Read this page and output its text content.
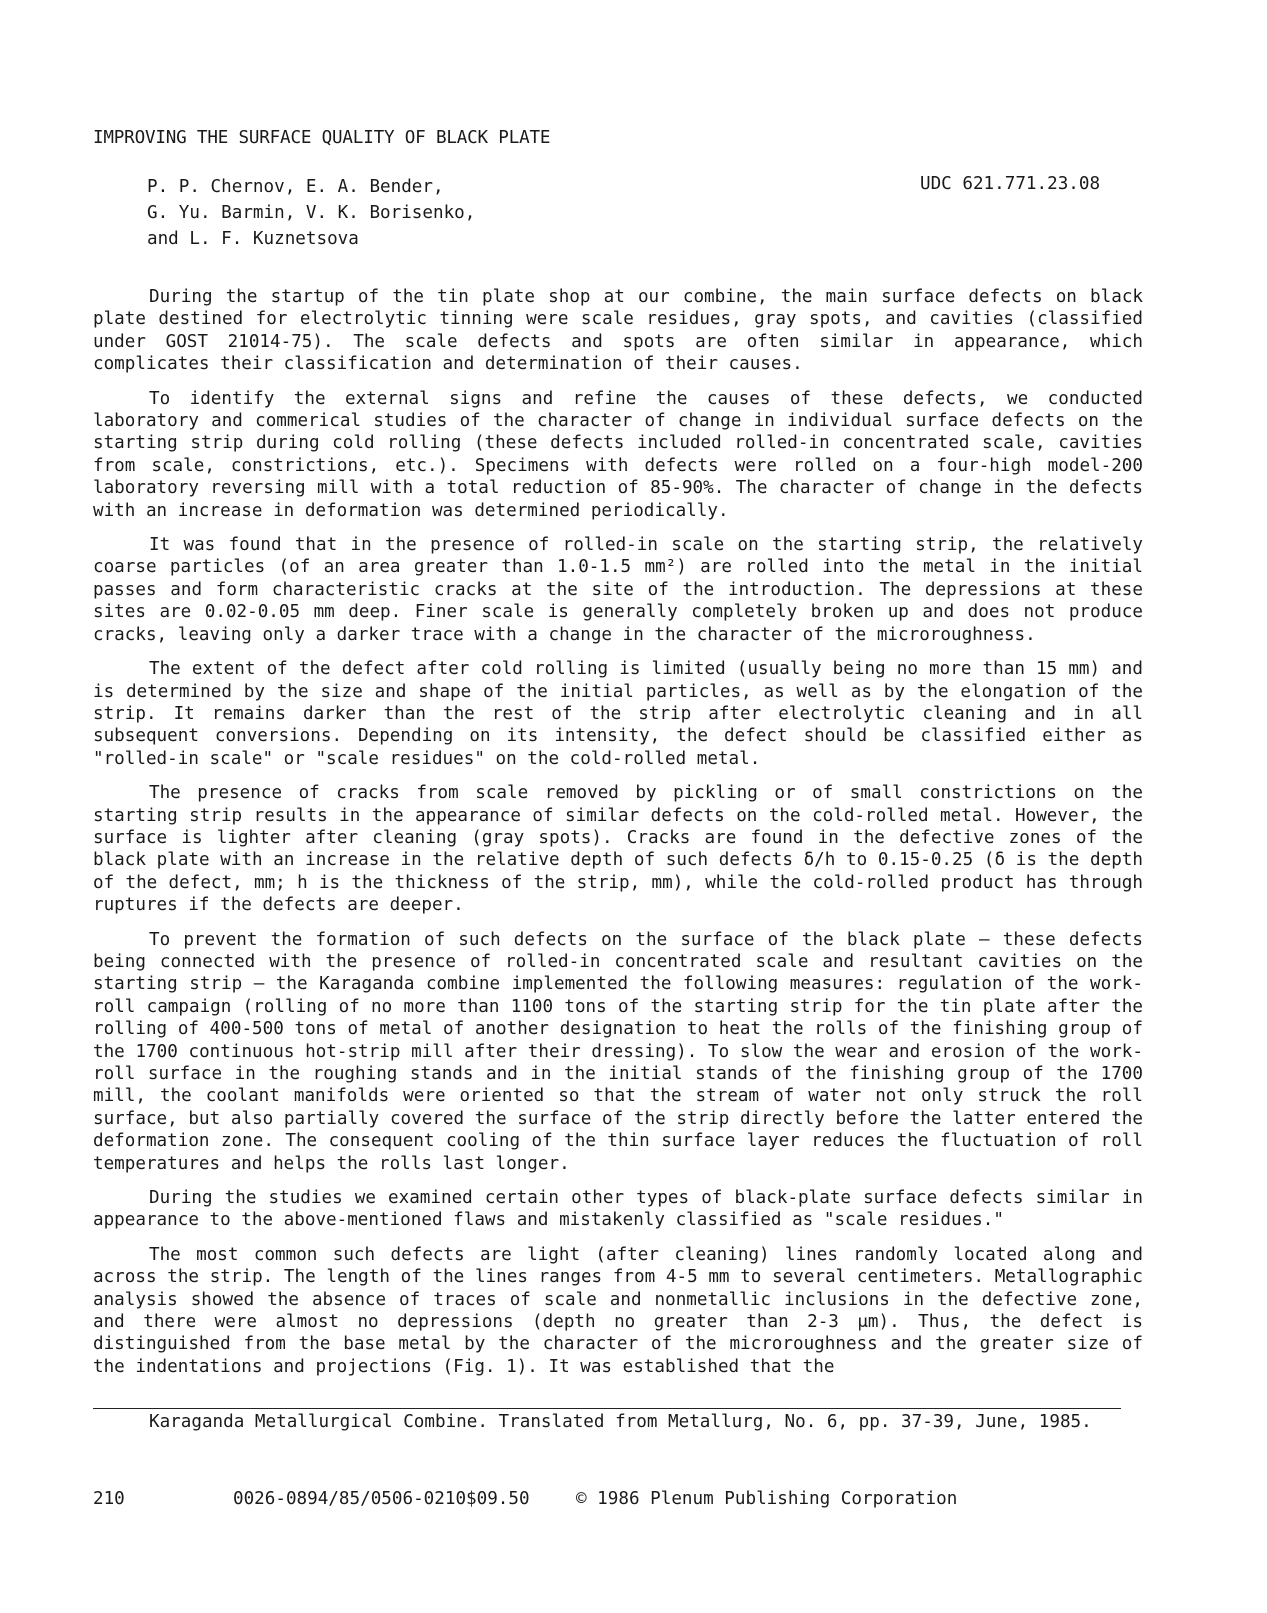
IMPROVING THE SURFACE QUALITY OF BLACK PLATE
P. P. Chernov, E. A. Bender,
G. Yu. Barmin, V. K. Borisenko,
and L. F. Kuznetsova
UDC 621.771.23.08

During the startup of the tin plate shop at our combine, the main surface defects on black plate destined for electrolytic tinning were scale residues, gray spots, and cavities (classified under GOST 21014-75). The scale defects and spots are often similar in appearance, which complicates their classification and determination of their causes.

To identify the external signs and refine the causes of these defects, we conducted laboratory and commerical studies of the character of change in individual surface defects on the starting strip during cold rolling (these defects included rolled-in concentrated scale, cavities from scale, constrictions, etc.). Specimens with defects were rolled on a four-high model-200 laboratory reversing mill with a total reduction of 85-90%. The character of change in the defects with an increase in deformation was determined periodically.

It was found that in the presence of rolled-in scale on the starting strip, the relatively coarse particles (of an area greater than 1.0-1.5 mm²) are rolled into the metal in the initial passes and form characteristic cracks at the site of the introduction. The depressions at these sites are 0.02-0.05 mm deep. Finer scale is generally completely broken up and does not produce cracks, leaving only a darker trace with a change in the character of the microroughness.

The extent of the defect after cold rolling is limited (usually being no more than 15 mm) and is determined by the size and shape of the initial particles, as well as by the elongation of the strip. It remains darker than the rest of the strip after electrolytic cleaning and in all subsequent conversions. Depending on its intensity, the defect should be classified either as "rolled-in scale" or "scale residues" on the cold-rolled metal.

The presence of cracks from scale removed by pickling or of small constrictions on the starting strip results in the appearance of similar defects on the cold-rolled metal. However, the surface is lighter after cleaning (gray spots). Cracks are found in the defective zones of the black plate with an increase in the relative depth of such defects δ/h to 0.15-0.25 (δ is the depth of the defect, mm; h is the thickness of the strip, mm), while the cold-rolled product has through ruptures if the defects are deeper.

To prevent the formation of such defects on the surface of the black plate — these defects being connected with the presence of rolled-in concentrated scale and resultant cavities on the starting strip — the Karaganda combine implemented the following measures: regulation of the work-roll campaign (rolling of no more than 1100 tons of the starting strip for the tin plate after the rolling of 400-500 tons of metal of another designation to heat the rolls of the finishing group of the 1700 continuous hot-strip mill after their dressing). To slow the wear and erosion of the work-roll surface in the roughing stands and in the initial stands of the finishing group of the 1700 mill, the coolant manifolds were oriented so that the stream of water not only struck the roll surface, but also partially covered the surface of the strip directly before the latter entered the deformation zone. The consequent cooling of the thin surface layer reduces the fluctuation of roll temperatures and helps the rolls last longer.

During the studies we examined certain other types of black-plate surface defects similar in appearance to the above-mentioned flaws and mistakenly classified as "scale residues."

The most common such defects are light (after cleaning) lines randomly located along and across the strip. The length of the lines ranges from 4-5 mm to several centimeters. Metallographic analysis showed the absence of traces of scale and nonmetallic inclusions in the defective zone, and there were almost no depressions (depth no greater than 2-3 μm). Thus, the defect is distinguished from the base metal by the character of the microroughness and the greater size of the indentations and projections (Fig. 1). It was established that the

Karaganda Metallurgical Combine. Translated from Metallurg, No. 6, pp. 37-39, June, 1985.
210	0026-0894/85/0506-0210$09.50	© 1986 Plenum Publishing Corporation
